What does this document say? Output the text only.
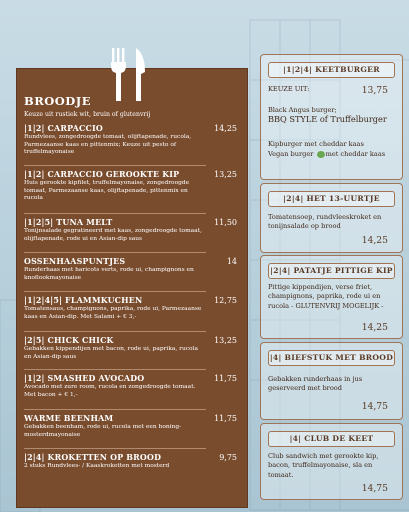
BROODJE
Keuze uit rustiek wit, bruin of glutenvrij
|1|2| CARPACCIO	14,25
Rundvlees, zongedroogde tomaat, olijftapenade, rucola, Parmezaanse kaas en pittenmix; Keuze uit pesto of truffelmayonaise
|1|2| CARPACCIO GEROOKTE KIP	13,25
Huis gerookte kipfilet, truffelmayonaise, zongedroogde tomaat, Parmezaanse kaas, olijftapenade, pittenmix en rucola
|1|2|5| TUNA MELT	11,50
Tonijnsalade gegratineerd met kaas, zongedroogde tomaat, olijftapenade, rode ui en Asian-dip saus
OSSENHAASPUNTJES	14
Runderhaas met haricots verts, rode ui, champignons en knoflookmayonaise
|1|2|4|5| FLAMMKUCHEN	12,75
Tomatensaus, champignons, paprika, rode ui, Parmezaanse kaas en Asian-dip. Met Salami + € 3,-
|2|5| CHICK CHICK	13,25
Gebakken kippendijen met bacon, rode ui, paprika, rucola en Asian-dip saus
|1|2| SMASHED AVOCADO	11,75
Avocado met zure room, rucola en zongedroogde tomaat. Met bacon + € 1,-
WARME BEENHAM	11,75
Gebakken beenham, rode ui, rucola met een honing-mosterdmayonaise
|2|4| KROKETTEN OP BROOD	9,75
2 stuks Rundvlees- / Kaaskroketten met mosterd
|1|2|4| KEETBURGER
KEUZE UIT:	13,75
Black Angus burger;
BBQ STYLE of Truffelburger
Kipburger met cheddar kaas
Vegan burger met cheddar kaas
|2|4| HET 13-UURTJE
Tomatensoep, rundvleeskroket en tonijnsalade op brood
14,25
|2|4| PATATJE PITTIGE KIP
Pittige kippendijen, verse friet, champignons, paprika, rode ui en rucola - GLUTENVRIJ MOGELIJK -
14,25
|4| BIEFSTUK MET BROOD
Gebakken runderhaas in jus geserveerd met brood
14,75
|4| CLUB DE KEET
Club sandwich met gerookte kip, bacon, truffelmayonaise, sla en tomaat.
14,75
